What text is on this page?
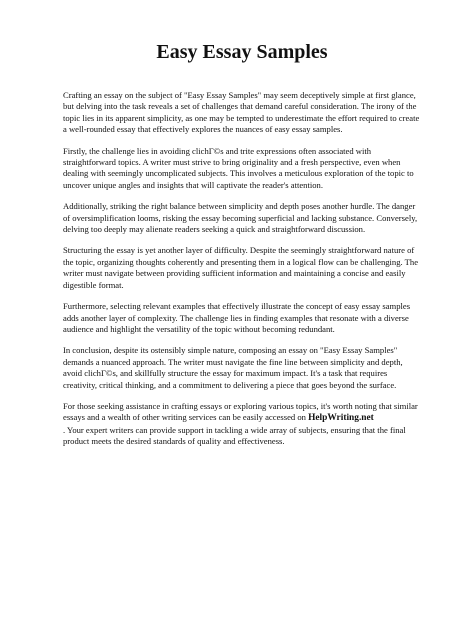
Easy Essay Samples

Crafting an essay on the subject of "Easy Essay Samples" may seem deceptively simple at first glance, but delving into the task reveals a set of challenges that demand careful consideration. The irony of the topic lies in its apparent simplicity, as one may be tempted to underestimate the effort required to create a well-rounded essay that effectively explores the nuances of easy essay samples.

Firstly, the challenge lies in avoiding clichГ©s and trite expressions often associated with straightforward topics. A writer must strive to bring originality and a fresh perspective, even when dealing with seemingly uncomplicated subjects. This involves a meticulous exploration of the topic to uncover unique angles and insights that will captivate the reader's attention.

Additionally, striking the right balance between simplicity and depth poses another hurdle. The danger of oversimplification looms, risking the essay becoming superficial and lacking substance. Conversely, delving too deeply may alienate readers seeking a quick and straightforward discussion.

Structuring the essay is yet another layer of difficulty. Despite the seemingly straightforward nature of the topic, organizing thoughts coherently and presenting them in a logical flow can be challenging. The writer must navigate between providing sufficient information and maintaining a concise and easily digestible format.

Furthermore, selecting relevant examples that effectively illustrate the concept of easy essay samples adds another layer of complexity. The challenge lies in finding examples that resonate with a diverse audience and highlight the versatility of the topic without becoming redundant.

In conclusion, despite its ostensibly simple nature, composing an essay on "Easy Essay Samples" demands a nuanced approach. The writer must navigate the fine line between simplicity and depth, avoid clichГ©s, and skillfully structure the essay for maximum impact. It's a task that requires creativity, critical thinking, and a commitment to delivering a piece that goes beyond the surface.

For those seeking assistance in crafting essays or exploring various topics, it's worth noting that similar essays and a wealth of other writing services can be easily accessed on HelpWriting.net
. Your expert writers can provide support in tackling a wide array of subjects, ensuring that the final product meets the desired standards of quality and effectiveness.
